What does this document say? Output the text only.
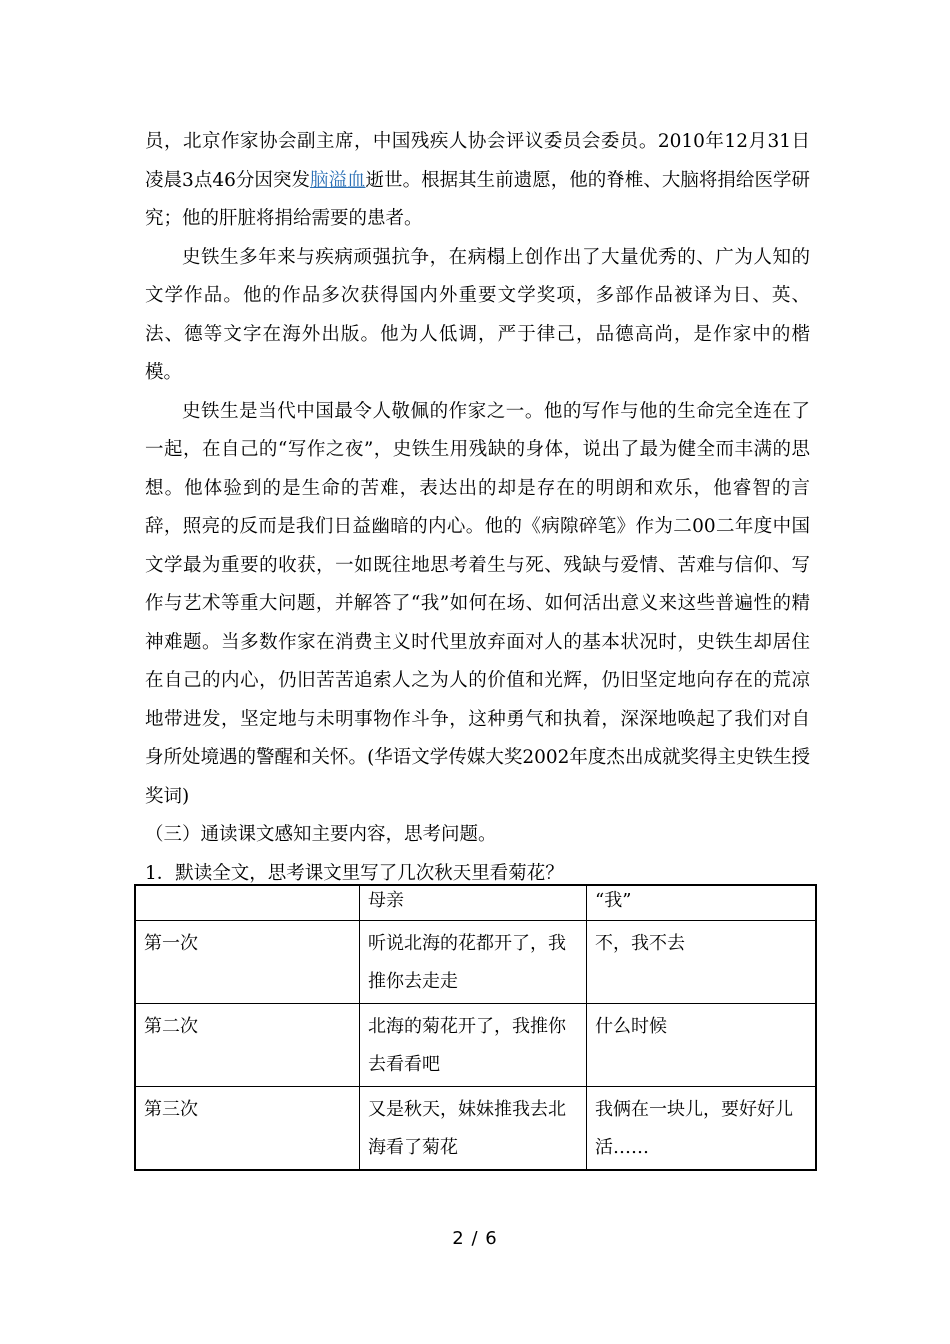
员，北京作家协会副主席，中国残疾人协会评议委员会委员。2010年12月31日凌晨3点46分因突发脑溢血逝世。根据其生前遗愿，他的脊椎、大脑将捐给医学研究；他的肝脏将捐给需要的患者。

史铁生多年来与疾病顽强抗争，在病榻上创作出了大量优秀的、广为人知的文学作品。他的作品多次获得国内外重要文学奖项，多部作品被译为日、英、法、德等文字在海外出版。他为人低调，严于律己，品德高尚，是作家中的楷模。

史铁生是当代中国最令人敬佩的作家之一。他的写作与他的生命完全连在了一起，在自己的“写作之夜”，史铁生用残缺的身体，说出了最为健全而丰满的思想。他体验到的是生命的苦难，表达出的却是存在的明朗和欢乐，他睿智的言辞，照亮的反而是我们日益幽暗的内心。他的《病隙碎笔》作为二00二年度中国文学最为重要的收获，一如既往地思考着生与死、残缺与爱情、苦难与信仰、写作与艺术等重大问题，并解答了“我”如何在场、如何活出意义来这些普遍性的精神难题。当多数作家在消费主义时代里放弃面对人的基本状况时，史铁生却居住在自己的内心，仍旧苦苦追索人之为人的价值和光辉，仍旧坚定地向存在的荒凉地带进发，坚定地与未明事物作斗争，这种勇气和执着，深深地唤起了我们对自身所处境遇的警醒和关怀。(华语文学传媒大奖2002年度杰出成就奖得主史铁生授奖词)

（三）通读课文感知主要内容，思考问题。

1．默读全文，思考课文里写了几次秋天里看菊花？

	母亲	“我”
第一次	听说北海的花都开了，我推你去走走	不，我不去
第二次	北海的菊花开了，我推你去看看吧	什么时候
第三次	又是秋天，妹妹推我去北海看了菊花	我俩在一块儿，要好好儿活……
2 / 6
